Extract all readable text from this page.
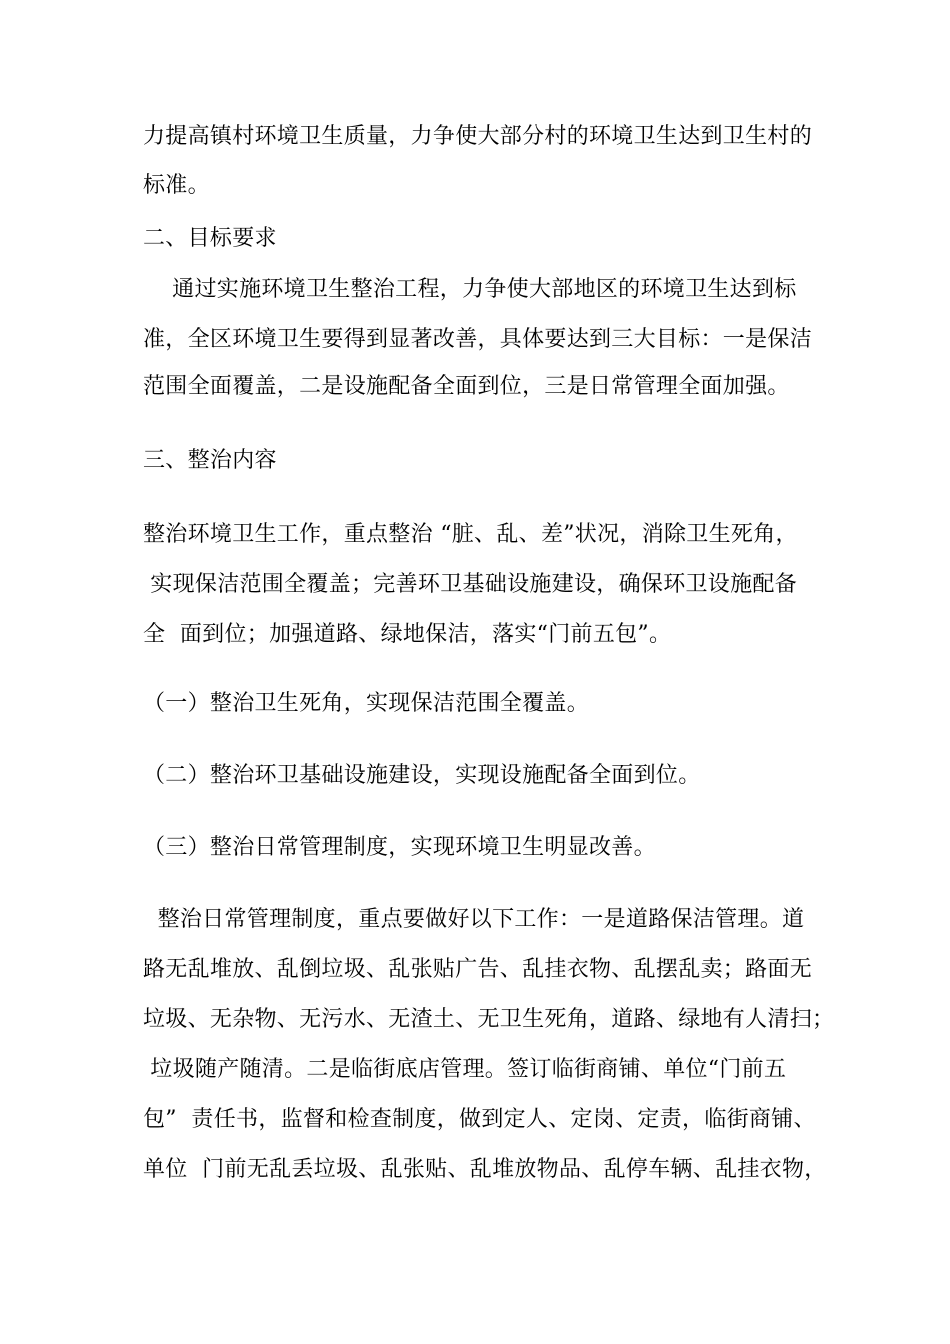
力提高镇村环境卫生质量，力争使大部分村的环境卫生达到卫生村的
标准。
二、目标要求
通过实施环境卫生整治工程，力争使大部地区的环境卫生达到标
准，全区环境卫生要得到显著改善，具体要达到三大目标：一是保洁
范围全面覆盖，二是设施配备全面到位，三是日常管理全面加强。
三、整治内容
整治环境卫生工作，重点整治 “脏、乱、差”状况，消除卫生死角，
实现保洁范围全覆盖；完善环卫基础设施建设，确保环卫设施配备
全  面到位；加强道路、绿地保洁，落实“门前五包”。
（一）整治卫生死角，实现保洁范围全覆盖。
（二）整治环卫基础设施建设，实现设施配备全面到位。
（三）整治日常管理制度，实现环境卫生明显改善。
整治日常管理制度，重点要做好以下工作：一是道路保洁管理。道
路无乱堆放、乱倒垃圾、乱张贴广告、乱挂衣物、乱摆乱卖；路面无
垃圾、无杂物、无污水、无渣土、无卫生死角，道路、绿地有人清扫；
垃圾随产随清。二是临街底店管理。签订临街商铺、单位“门前五
包”  责任书，监督和检查制度，做到定人、定岗、定责，临街商铺、
单位  门前无乱丢垃圾、乱张贴、乱堆放物品、乱停车辆、乱挂衣物，
